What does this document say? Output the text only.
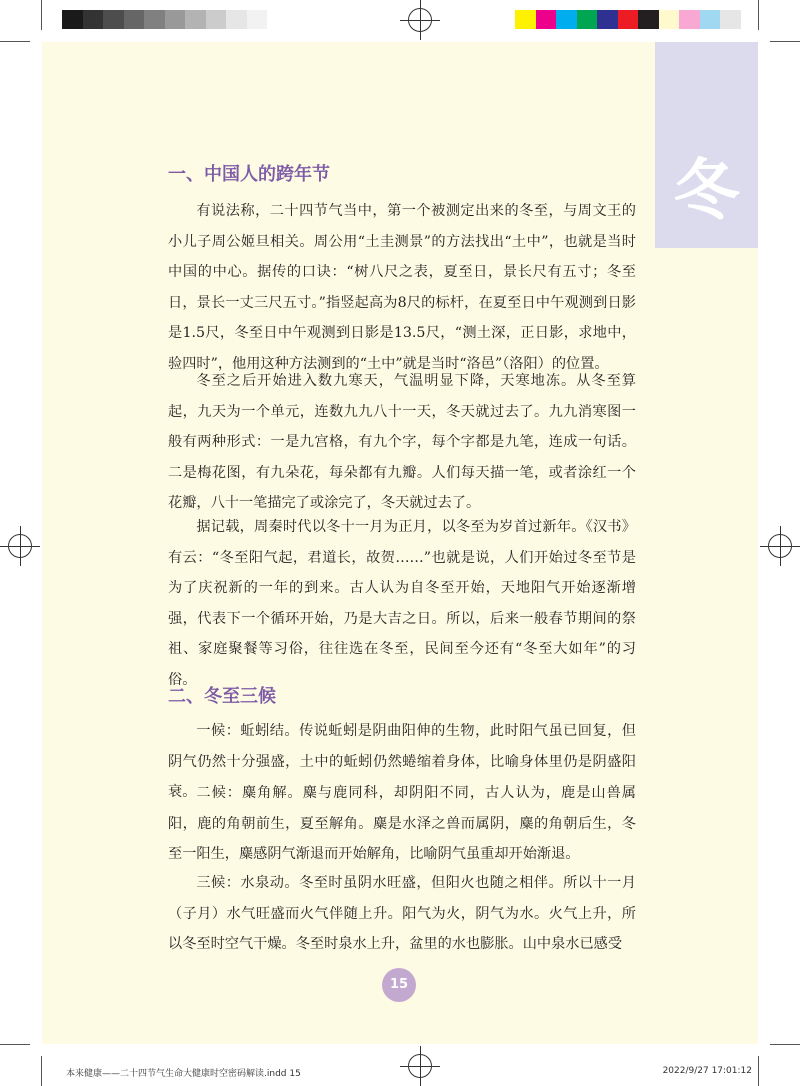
冬
一、中国人的跨年节

有说法称，二十四节气当中，第一个被测定出来的冬至，与周文王的小儿子周公姬旦相关。周公用“土圭测景”的方法找出“土中”，也就是当时中国的中心。据传的口诀：“树八尺之表，夏至日，景长尺有五寸；冬至日，景长一丈三尺五寸。”指竖起高为8尺的标杆，在夏至日中午观测到日影是1.5尺，冬至日中午观测到日影是13.5尺，“测土深，正日影，求地中，验四时”，他用这种方法测到的“土中”就是当时“洛邑”（洛阳）的位置。

冬至之后开始进入数九寒天，气温明显下降，天寒地冻。从冬至算起，九天为一个单元，连数九九八十一天，冬天就过去了。九九消寒图一般有两种形式：一是九宫格，有九个字，每个字都是九笔，连成一句话。二是梅花图，有九朵花，每朵都有九瓣。人们每天描一笔，或者涂红一个花瓣，八十一笔描完了或涂完了，冬天就过去了。

据记载，周秦时代以冬十一月为正月，以冬至为岁首过新年。《汉书》有云：“冬至阳气起，君道长，故贺……”也就是说，人们开始过冬至节是为了庆祝新的一年的到来。古人认为自冬至开始，天地阳气开始逐渐增强，代表下一个循环开始，乃是大吉之日。所以，后来一般春节期间的祭祖、家庭聚餐等习俗，往往选在冬至，民间至今还有“冬至大如年”的习俗。

二、冬至三候

一候：蚯蚓结。传说蚯蚓是阴曲阳伸的生物，此时阳气虽已回复，但阴气仍然十分强盛，土中的蚯蚓仍然蜷缩着身体，比喻身体里仍是阴盛阳衰。 二候：麋角解。麋与鹿同科，却阴阳不同，古人认为，鹿是山兽属阳，鹿的角朝前生，夏至解角。麋是水泽之兽而属阴，麋的角朝后生，冬至一阳生，麋感阴气渐退而开始解角，比喻阴气虽重却开始渐退。

三候：水泉动。冬至时虽阴水旺盛，但阳火也随之相伴。所以十一月（子月）水气旺盛而火气伴随上升。阳气为火，阴气为水。火气上升，所以冬至时空气干燥。冬至时泉水上升，盆里的水也膨胀。山中泉水已感受

15
本来健康——二十四节气生命大健康时空密码解读.indd 15	2022/9/27 17:01:12
